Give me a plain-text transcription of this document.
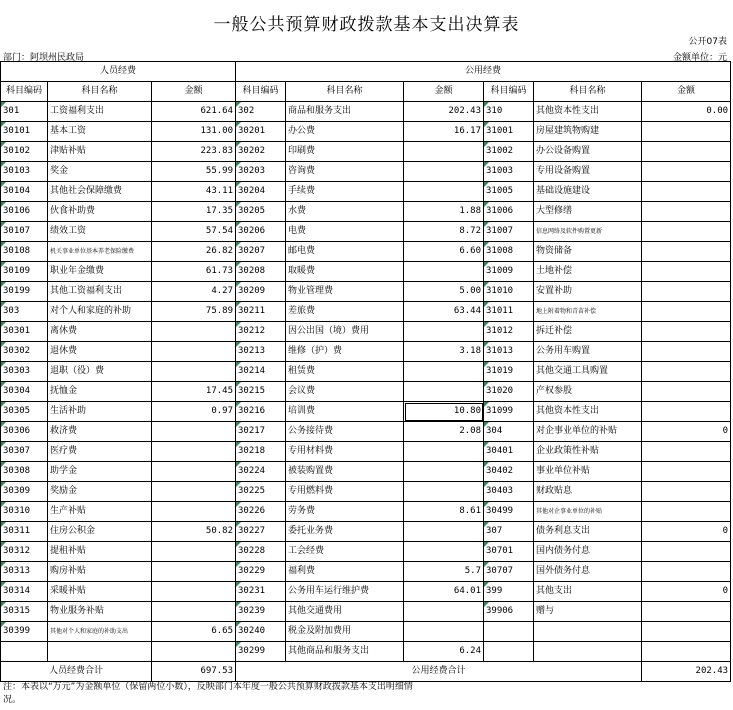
一般公共预算财政拨款基本支出决算表
公开07表
金额单位：元
部门：阿坝州民政局
人员经费			公用经费					
科目编码	科目名称	金额	科目编码	科目名称	金额	科目编码	科目名称	金额
301	工资福利支出	621.64	302	商品和服务支出	202.43	310	其他资本性支出	0.00
30101	基本工资	131.00	30201	办公费	16.17	31001	房屋建筑物购建	
30102	津贴补贴	223.83	30202	印刷费		31002	办公设备购置	
30103	奖金	55.99	30203	咨询费		31003	专用设备购置	
30104	其他社会保障缴费	43.11	30204	手续费		31005	基础设施建设	
30106	伙食补助费	17.35	30205	水费	1.88	31006	大型修缮	
30107	绩效工资	57.54	30206	电费	8.72	31007	信息网络及软件购置更新	
30108	机关事业单位基本养老保险缴费	26.82	30207	邮电费	6.60	31008	物资储备	
30109	职业年金缴费	61.73	30208	取暖费		31009	土地补偿	
30199	其他工资福利支出	4.27	30209	物业管理费	5.00	31010	安置补助	
303	对个人和家庭的补助	75.89	30211	差旅费	63.44	31011	地上附着物和青苗补偿	
30301	离休费		30212	因公出国（境）费用		31012	拆迁补偿	
30302	退休费		30213	维修（护）费	3.18	31013	公务用车购置	
30303	退职（役）费		30214	租赁费		31019	其他交通工具购置	
30304	抚恤金	17.45	30215	会议费		31020	产权参股	
30305	生活补助	0.97	30216	培训费	10.80	31099	其他资本性支出	
30306	救济费		30217	公务接待费	2.08	304	对企事业单位的补贴	0
30307	医疗费		30218	专用材料费		30401	企业政策性补贴	
30308	助学金		30224	被装购置费		30402	事业单位补贴	
30309	奖励金		30225	专用燃料费		30403	财政贴息	
30310	生产补贴		30226	劳务费	8.61	30499	其他对企事业单位的补贴	
30311	住房公积金	50.82	30227	委托业务费		307	债务利息支出	0
30312	提租补贴		30228	工会经费		30701	国内债务付息	
30313	购房补贴		30229	福利费	5.7	30707	国外债务付息	
30314	采暖补贴		30231	公务用车运行维护费	64.01	399	其他支出	0
30315	物业服务补贴		30239	其他交通费用		39906	赠与	
30399	其他对个人和家庭的补助支出	6.65	30240	税金及附加费用				
			30299	其他商品和服务支出	6.24			
人员经费合计		697.53	公用经费合计					202.43
注：本表以“万元”为金额单位（保留两位小数），反映部门本年度一般公共预算财政拨款基本支出明细情况。
